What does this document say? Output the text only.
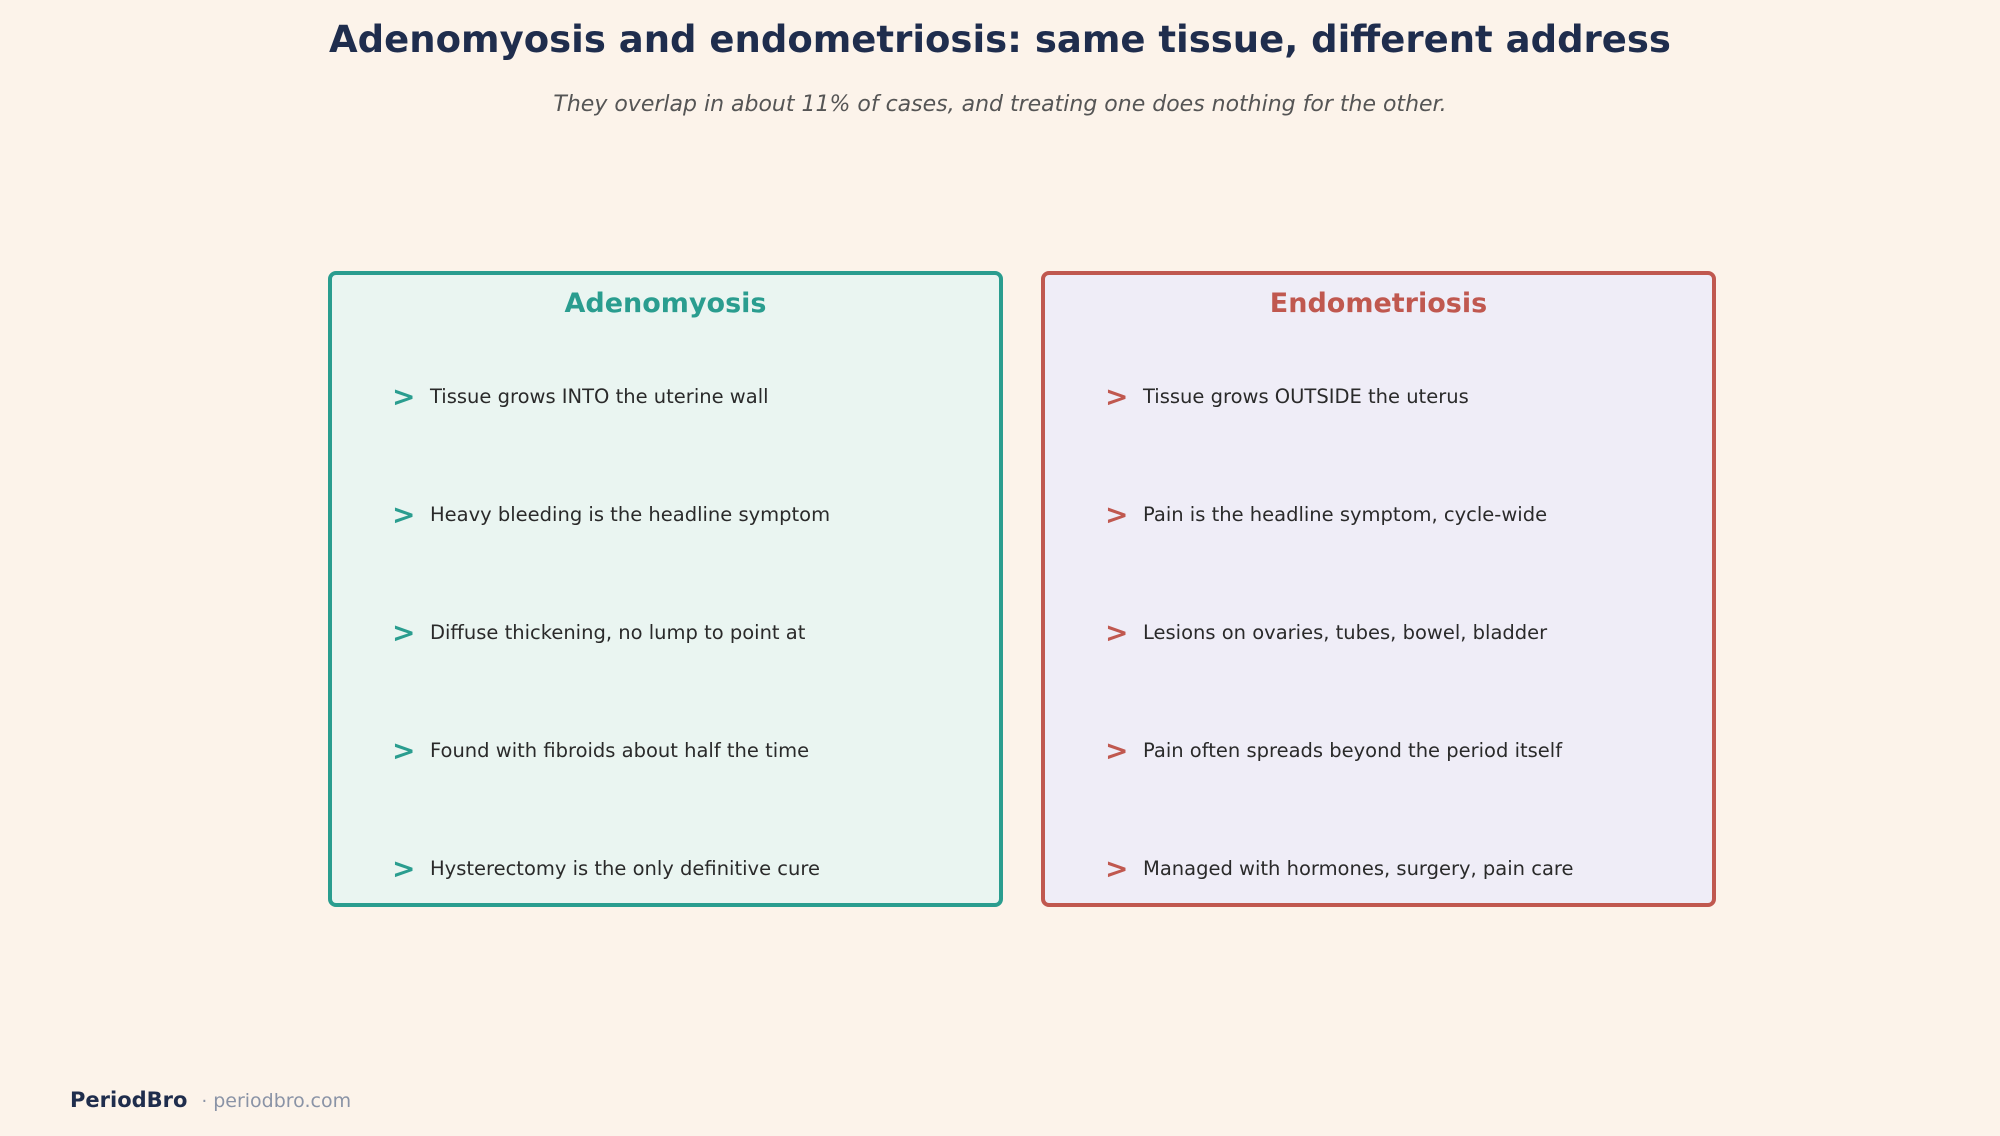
Adenomyosis and endometriosis: same tissue, different address
They overlap in about 11% of cases, and treating one does nothing for the other.
Adenomyosis
> Tissue grows INTO the uterine wall
> Heavy bleeding is the headline symptom
> Diffuse thickening, no lump to point at
> Found with fibroids about half the time
> Hysterectomy is the only definitive cure
Endometriosis
> Tissue grows OUTSIDE the uterus
> Pain is the headline symptom, cycle-wide
> Lesions on ovaries, tubes, bowel, bladder
> Pain often spreads beyond the period itself
> Managed with hormones, surgery, pain care
PeriodBro · periodbro.com
